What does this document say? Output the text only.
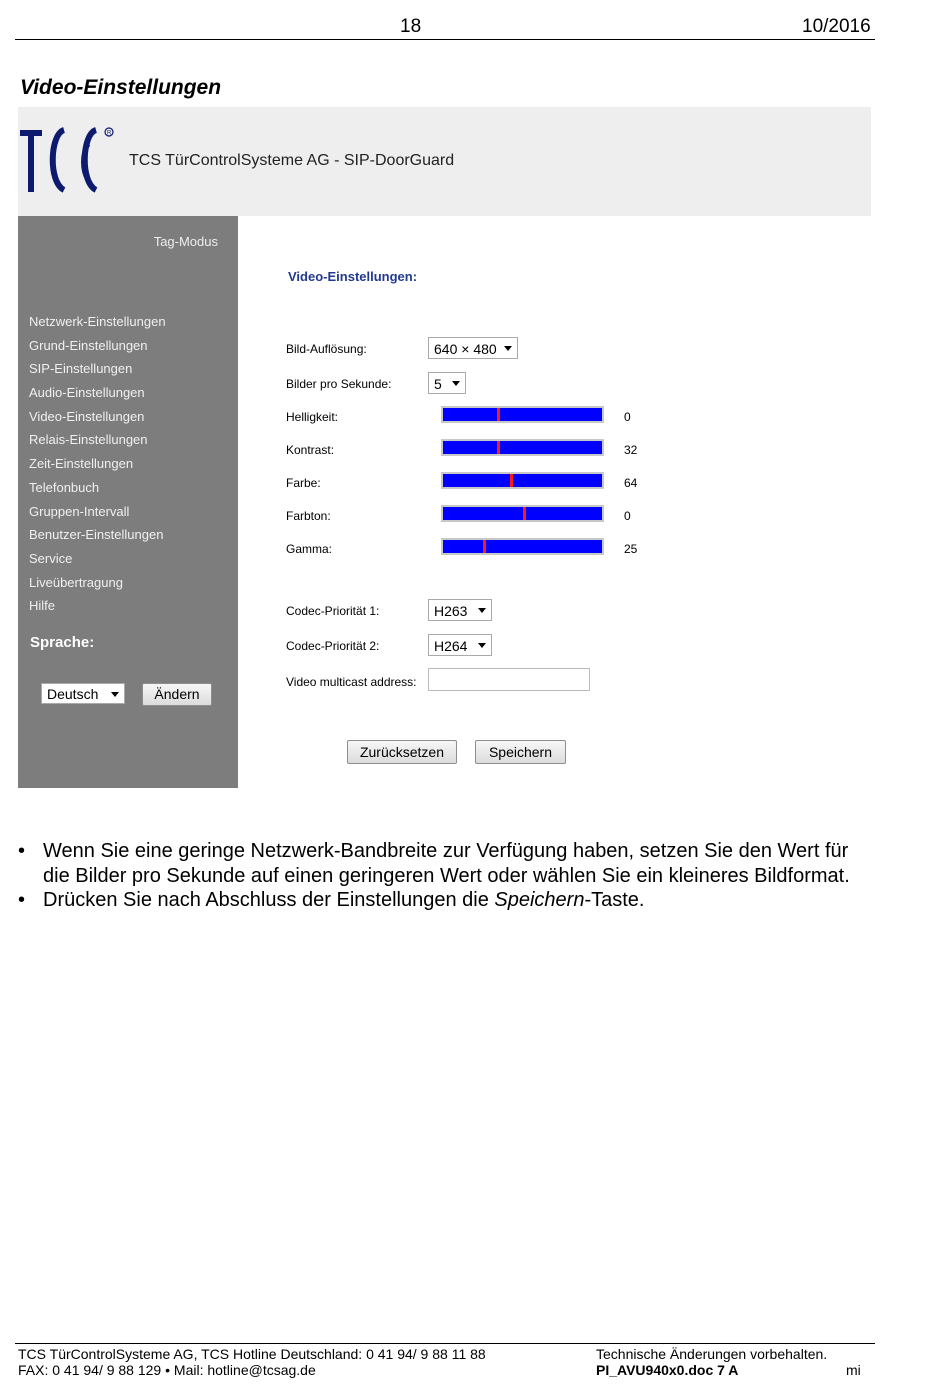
18	10/2016
Video-Einstellungen
R
TCS TürControlSysteme AG - SIP-DoorGuard
Tag-Modus
Netzwerk-Einstellungen
Grund-Einstellungen
SIP-Einstellungen
Audio-Einstellungen
Video-Einstellungen
Relais-Einstellungen
Zeit-Einstellungen
Telefonbuch
Gruppen-Intervall
Benutzer-Einstellungen
Service
Liveübertragung
Hilfe
Sprache:
Deutsch	Ändern
Video-Einstellungen:
Bild-Auflösung:	640 × 480
Bilder pro Sekunde:	5
Helligkeit:	0
Kontrast:	32
Farbe:	64
Farbton:	0
Gamma:	25
Codec-Priorität 1:	H263
Codec-Priorität 2:	H264
Video multicast address:
Zurücksetzen	Speichern
• Wenn Sie eine geringe Netzwerk-Bandbreite zur Verfügung haben, setzen Sie den Wert für die Bilder pro Sekunde auf einen geringeren Wert oder wählen Sie ein kleineres Bildformat.
• Drücken Sie nach Abschluss der Einstellungen die Speichern-Taste.
TCS TürControlSysteme AG, TCS Hotline Deutschland: 0 41 94/ 9 88 11 88
FAX: 0 41 94/ 9 88 129 • Mail: hotline@tcsag.de
Technische Änderungen vorbehalten.
PI_AVU940x0.doc 7 A	mi
